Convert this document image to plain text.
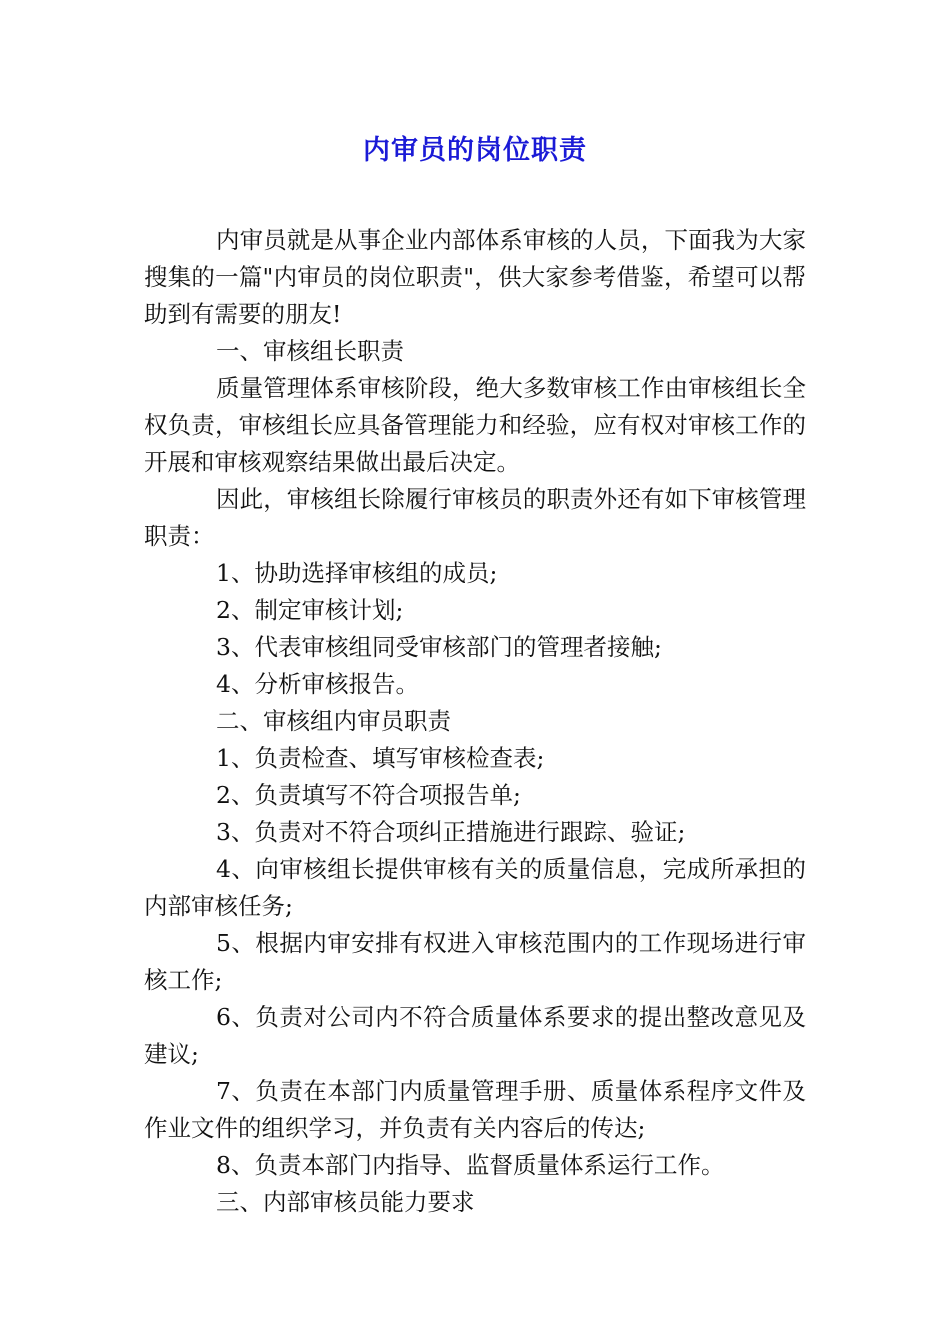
内审员的岗位职责

内审员就是从事企业内部体系审核的人员，下面我为大家搜集的一篇"内审员的岗位职责"，供大家参考借鉴，希望可以帮助到有需要的朋友!

一、审核组长职责

质量管理体系审核阶段，绝大多数审核工作由审核组长全权负责，审核组长应具备管理能力和经验，应有权对审核工作的开展和审核观察结果做出最后决定。

因此，审核组长除履行审核员的职责外还有如下审核管理职责：

1、协助选择审核组的成员;

2、制定审核计划;

3、代表审核组同受审核部门的管理者接触;

4、分析审核报告。

二、审核组内审员职责

1、负责检查、填写审核检查表;

2、负责填写不符合项报告单;

3、负责对不符合项纠正措施进行跟踪、验证;

4、向审核组长提供审核有关的质量信息，完成所承担的内部审核任务;

5、根据内审安排有权进入审核范围内的工作现场进行审核工作;

6、负责对公司内不符合质量体系要求的提出整改意见及建议;

7、负责在本部门内质量管理手册、质量体系程序文件及作业文件的组织学习，并负责有关内容后的传达;

8、负责本部门内指导、监督质量体系运行工作。

三、内部审核员能力要求
